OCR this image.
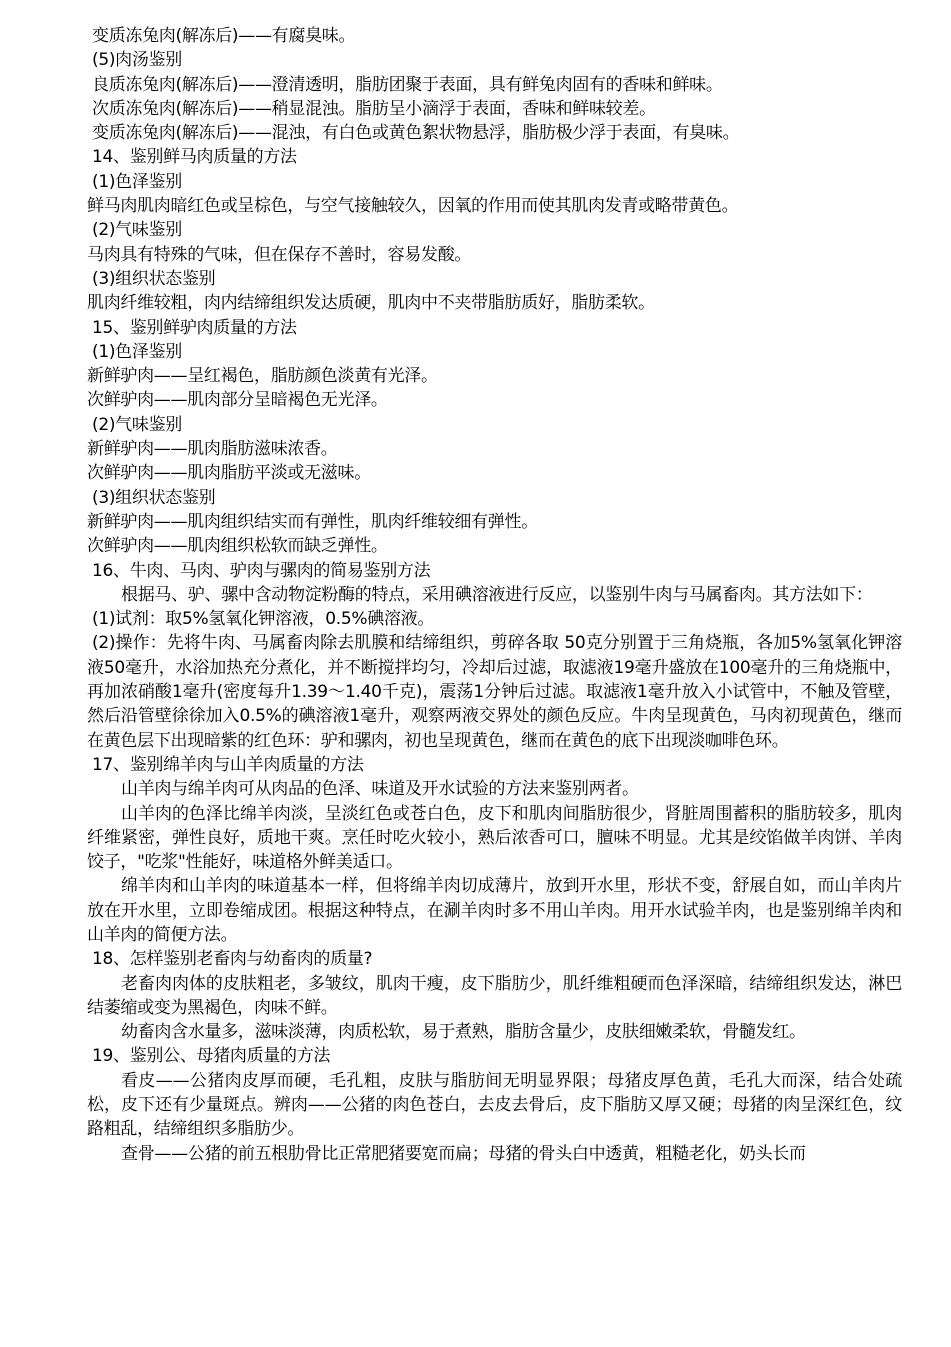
变质冻兔肉(解冻后)——有腐臭味。

(5)肉汤鉴别

良质冻兔肉(解冻后)——澄清透明，脂肪团聚于表面，具有鲜兔肉固有的香味和鲜味。

次质冻兔肉(解冻后)——稍显混浊。脂肪呈小滴浮于表面，香味和鲜味较差。

变质冻兔肉(解冻后)——混浊，有白色或黄色絮状物悬浮，脂肪极少浮于表面，有臭味。

14、鉴别鲜马肉质量的方法

(1)色泽鉴别

鲜马肉肌肉暗红色或呈棕色，与空气接触较久，因氧的作用而使其肌肉发青或略带黄色。

(2)气味鉴别

马肉具有特殊的气味，但在保存不善时，容易发酸。

(3)组织状态鉴别

肌肉纤维较粗，肉内结缔组织发达质硬，肌肉中不夹带脂肪质好，脂肪柔软。

15、鉴别鲜驴肉质量的方法

(1)色泽鉴别

新鲜驴肉——呈红褐色，脂肪颜色淡黄有光泽。

次鲜驴肉——肌肉部分呈暗褐色无光泽。

(2)气味鉴别

新鲜驴肉——肌肉脂肪滋味浓香。

次鲜驴肉——肌肉脂肪平淡或无滋味。

(3)组织状态鉴别

新鲜驴肉——肌肉组织结实而有弹性，肌肉纤维较细有弹性。

次鲜驴肉——肌肉组织松软而缺乏弹性。

16、牛肉、马肉、驴肉与骡肉的简易鉴别方法

根据马、驴、骡中含动物淀粉酶的特点，采用碘溶液进行反应，以鉴别牛肉与马属畜肉。其方法如下：

(1)试剂：取5%氢氧化钾溶液，0.5%碘溶液。

(2)操作：先将牛肉、马属畜肉除去肌膜和结缔组织，剪碎各取 50克分别置于三角烧瓶，各加5%氢氧化钾溶液50毫升，水浴加热充分煮化，并不断搅拌均匀，冷却后过滤，取滤液19毫升盛放在100毫升的三角烧瓶中，再加浓硝酸1毫升(密度每升1.39～1.40千克)，震荡1分钟后过滤。取滤液1毫升放入小试管中，不触及管壁，然后沿管壁徐徐加入0.5%的碘溶液1毫升，观察两液交界处的颜色反应。牛肉呈现黄色，马肉初现黄色，继而在黄色层下出现暗紫的红色环：驴和骡肉，初也呈现黄色，继而在黄色的底下出现淡咖啡色环。

17、鉴别绵羊肉与山羊肉质量的方法

山羊肉与绵羊肉可从肉品的色泽、味道及开水试验的方法来鉴别两者。

山羊肉的色泽比绵羊肉淡，呈淡红色或苍白色，皮下和肌肉间脂肪很少，肾脏周围蓄积的脂肪较多，肌肉纤维紧密，弹性良好，质地干爽。烹任时吃火较小，熟后浓香可口，膻味不明显。尤其是绞馅做羊肉饼、羊肉饺子，"吃浆"性能好，味道格外鲜美适口。

绵羊肉和山羊肉的味道基本一样，但将绵羊肉切成薄片，放到开水里，形状不变，舒展自如，而山羊肉片放在开水里，立即卷缩成团。根据这种特点，在涮羊肉时多不用山羊肉。用开水试验羊肉，也是鉴别绵羊肉和山羊肉的简便方法。

18、怎样鉴别老畜肉与幼畜肉的质量?

老畜肉肉体的皮肤粗老，多皱纹，肌肉干瘦，皮下脂肪少，肌纤维粗硬而色泽深暗，结缔组织发达，淋巴结萎缩或变为黑褐色，肉味不鲜。

幼畜肉含水量多，滋味淡薄，肉质松软，易于煮熟，脂肪含量少，皮肤细嫩柔软，骨髓发红。

19、鉴别公、母猪肉质量的方法

看皮——公猪肉皮厚而硬，毛孔粗，皮肤与脂肪间无明显界限；母猪皮厚色黄，毛孔大而深，结合处疏松，皮下还有少量斑点。辨肉——公猪的肉色苍白，去皮去骨后，皮下脂肪又厚又硬；母猪的肉呈深红色，纹路粗乱，结缔组织多脂肪少。

查骨——公猪的前五根肋骨比正常肥猪要宽而扁；母猪的骨头白中透黄，粗糙老化，奶头长而
